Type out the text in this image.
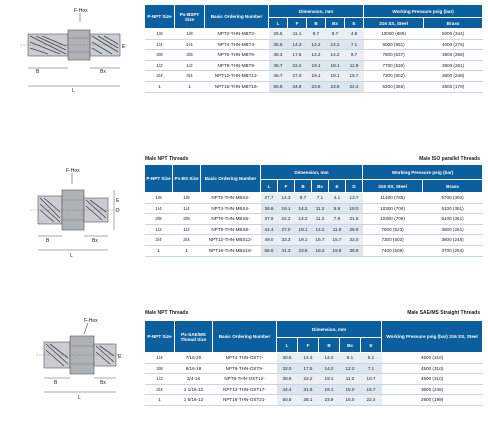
F-Hex
B	Bx
L
E
P-NPT Size	Px-BSPT Size	Basic Ordering Number	Dimension, mm					Working Pressure psig (bar)	
			L	F	B	Bx	E	316 SS, Steel	Brass
1/8	1/8	NPT2-THN-MBT2-	25.6	11.1	9.7	9.7	4.8	10000 (689)	5000 (344)
1/4	1/4	NPT4-THN-MBT4-	35.6	14.3	14.2	14.2	7.1	8000 (551)	4000 (275)
3/8	3/8	NPT6-THN-MBT6-	36.3	17.5	14.2	14.2	9.7	7800 (537)	3900 (268)
1/2	1/2	NPT8-THN-MBT8-	46.7	22.2	19.1	19.1	11.9	7700 (530)	3800 (261)
3/4	3/4	NPT12-THN-MBT12-	46.7	27.0	19.1	19.1	15.7	7300 (502)	3600 (248)
1	1	NPT16-THN-MBT16-	58.9	34.9	23.9	23.9	22.4	5300 (365)	2600 (179)
Male NPT Threads	Male ISO parallel Threads
F-Hex
D
E
B	Bx
L
P-NPT Size	Px-BS Size	Basic Ordering Number	Dimension, mm						Working Pressure psig (bar)	
			L	F	B	Bx	E	D	316 SS, Steel	Brass
1/8	1/8	NPT2-THN-MBS2-	27.7	14.3	9.7	7.1	4.1	13.7	11400 (785)	5700 (392)
1/4	1/4	NPT4-THN-MBS4-	36.8	19.1	14.2	11.2	5.8	18.0	10300 (709)	5100 (351)
3/8	3/8	NPT6-THN-MBS6-	37.6	22.2	14.2	11.2	7.9	21.6	10300 (709)	5100 (351)
1/2	1/2	NPT8-THN-MBS8-	44.4	27.0	19.1	14.2	11.9	25.9	7600 (523)	3800 (261)
3/4	3/4	NPT12-THN-MBS12-	49.0	33.3	19.1	15.7	15.7	32.0	7300 (502)	3600 (248)
1	1	NPT16-THN-MBS16-	56.6	41.3	23.9	18.3	19.8	38.9	7400 (509)	3700 (254)
Male NPT Threads	Male SAE/MS Straight Threads
F-Hex
B	Bx
L
E
P-NPT Size	Px-SAE/MS Thread Size	Basic Ordering Number	Dimension, mm					Working Pressure psig (bar) 316 SS, Steel
			L	F	B	Bx	E	
1/4	7/16-20	NPT4-THN-OST7-	30.5	14.3	14.2	9.1	5.1	4500 (310)
3/8	9/16-18	NPT6-THN-OST9-	32.0	17.5	14.2	12.2	7.1	4500 (310)
1/2	3/4-16	NPT8-THN-OST12-	38.9	22.2	19.1	11.2	10.7	4500 (310)
3/4	1 1/16-12	NPT12-THN-OST17-	44.4	31.8	19.1	15.0	15.7	3600 (248)
1	1 5/16-12	NPT16-THN-OST21-	50.8	38.1	23.9	15.0	22.4	2900 (199)
